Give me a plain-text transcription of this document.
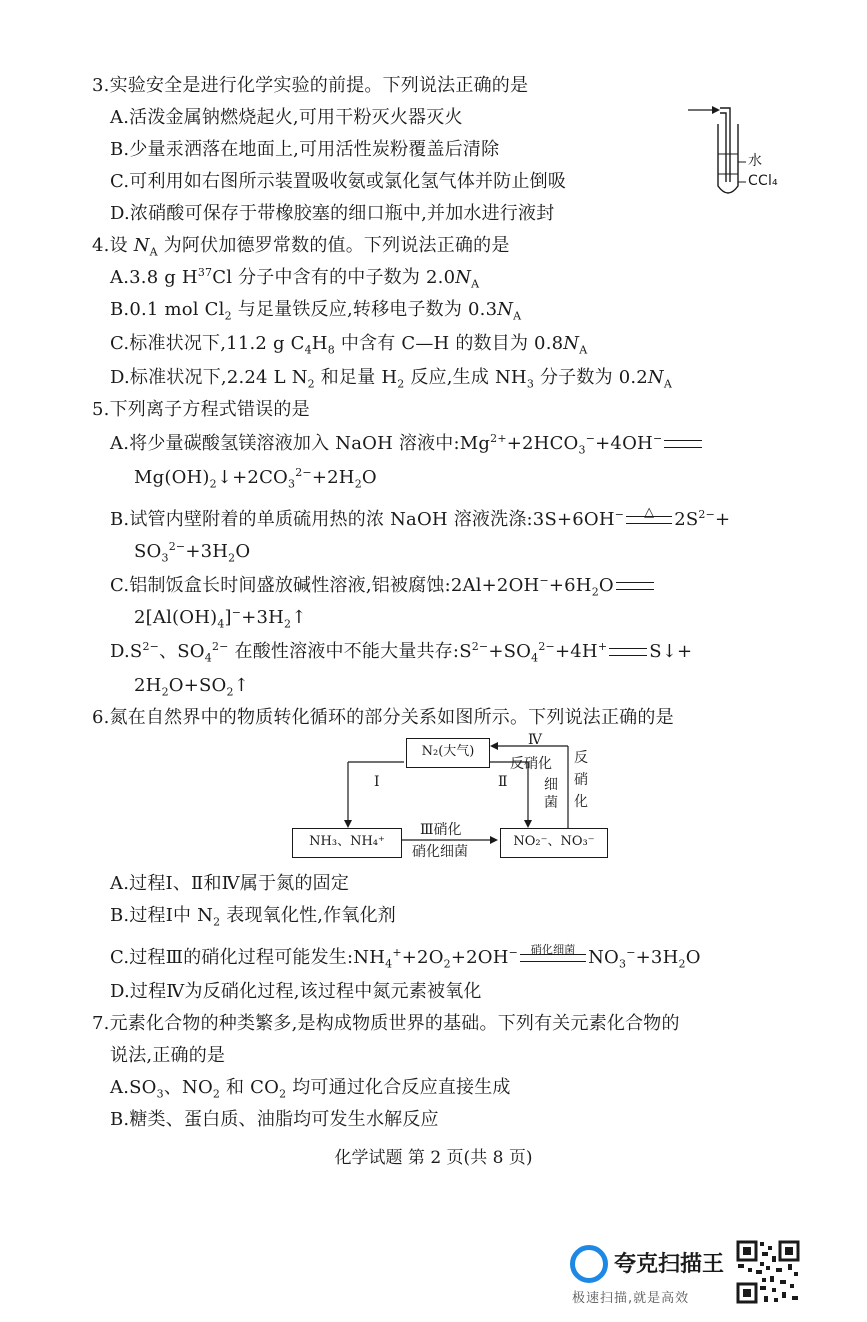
3.实验安全是进行化学实验的前提。下列说法正确的是
A.活泼金属钠燃烧起火,可用干粉灭火器灭火
B.少量汞洒落在地面上,可用活性炭粉覆盖后清除
C.可利用如右图所示装置吸收氨或氯化氢气体并防止倒吸
D.浓硝酸可保存于带橡胶塞的细口瓶中,并加水进行液封
水
CCl₄
4.设 $N_A$ 为阿伏加德罗常数的值。下列说法正确的是
A.3.8 g $H^{37}Cl$ 分子中含有的中子数为 $2.0N_A$
B.0.1 mol $Cl_2$ 与足量铁反应,转移电子数为 $0.3N_A$
C.标准状况下,11.2 g $C_4H_8$ 中含有 C—H 的数目为 $0.8N_A$
D.标准状况下,2.24 L $N_2$ 和足量 $H_2$ 反应,生成 $NH_3$ 分子数为 $0.2N_A$
5.下列离子方程式错误的是
A.将少量碳酸氢镁溶液加入 NaOH 溶液中$:Mg^{2+}+2HCO_3^-+4OH^-$
$Mg(OH)_2↓+2CO_3^{2-}+2H_2O$
B.试管内壁附着的单质硫用热的浓 NaOH 溶液洗涤:3S+6OH−	△	$2S^{2-}+$
$SO_3^{2-}+3H_2O$
C.铝制饭盒长时间盛放碱性溶液,铝被腐蚀$:2Al+2OH^-+6H_2O$
$2[Al(OH)_4]^-+3H_2↑$
$D.S^{2-}$、$SO_4^{2-}$ 在酸性溶液中不能大量共存$:S^{2-}+SO_4^{2-}+4H^+$ S↓+
$2H_2O+SO_2↑$
6.氮在自然界中的物质转化循环的部分关系如图所示。下列说法正确的是
N₂(大气)
NH₃、NH₄⁺	NO₂⁻、NO₃⁻
Ⅰ	Ⅱ
Ⅳ
反硝化
细菌
反
硝
化
Ⅲ硝化
硝化细菌
A.过程Ⅰ、Ⅱ和Ⅳ属于氮的固定
B.过程Ⅰ中 $N_2$ 表现氧化性,作氧化剂
C.过程Ⅲ的硝化过程可能发生$:NH_4^++2O_2+2OH^-$	硝化细菌 $NO_3^-+3H_2O$
D.过程Ⅳ为反硝化过程,该过程中氮元素被氧化
7.元素化合物的种类繁多,是构成物质世界的基础。下列有关元素化合物的
说法,正确的是
$A.SO_3$、$NO_2$ 和 $CO_2$ 均可通过化合反应直接生成
B.糖类、蛋白质、油脂均可发生水解反应
化学试题 第 2 页(共 8 页)
夸克扫描王
极速扫描,就是高效
